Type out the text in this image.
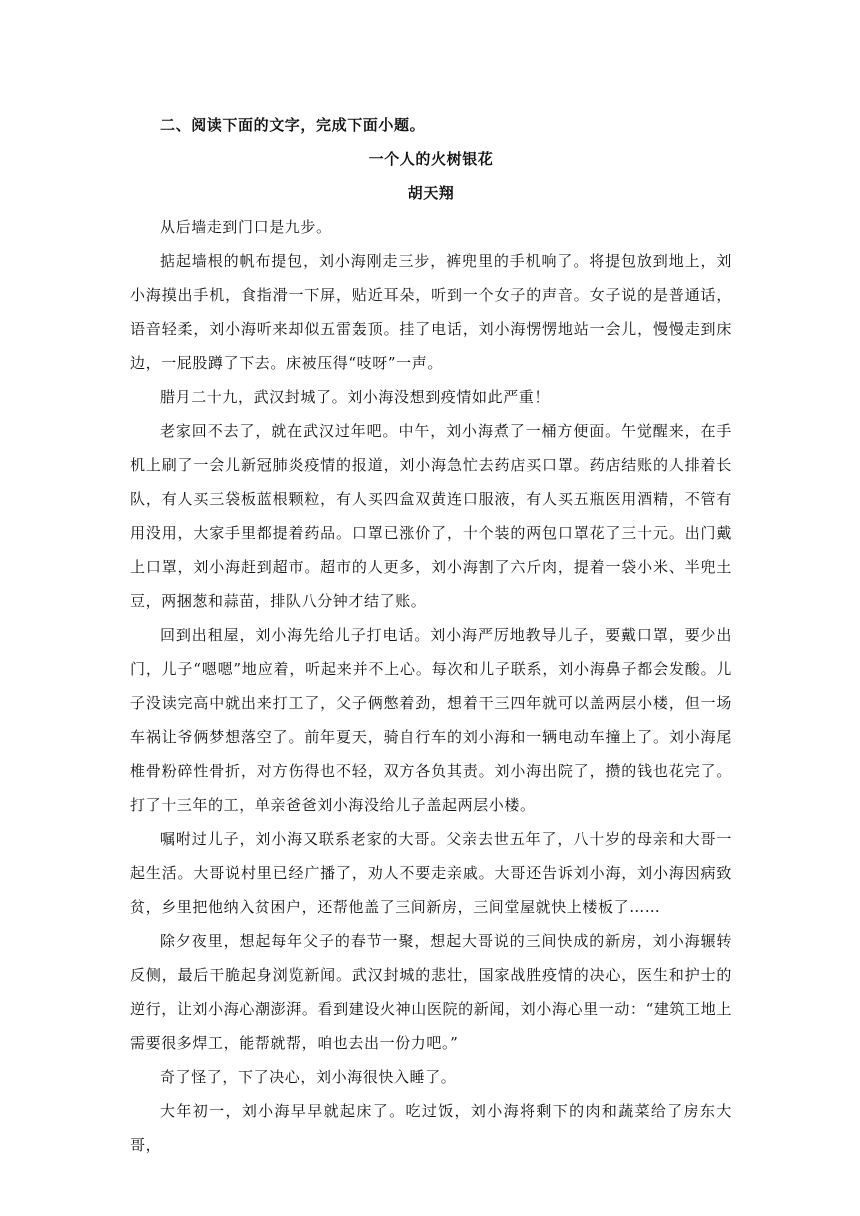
二、阅读下面的文字，完成下面小题。

一个人的火树银花

胡天翔

从后墙走到门口是九步。

掂起墙根的帆布提包，刘小海刚走三步，裤兜里的手机响了。将提包放到地上，刘小海摸出手机，食指滑一下屏，贴近耳朵，听到一个女子的声音。女子说的是普通话，语音轻柔，刘小海听来却似五雷轰顶。挂了电话，刘小海愣愣地站一会儿，慢慢走到床边，一屁股蹲了下去。床被压得“吱呀”一声。

腊月二十九，武汉封城了。刘小海没想到疫情如此严重！

老家回不去了，就在武汉过年吧。中午，刘小海煮了一桶方便面。午觉醒来，在手机上刷了一会儿新冠肺炎疫情的报道，刘小海急忙去药店买口罩。药店结账的人排着长队，有人买三袋板蓝根颗粒，有人买四盒双黄连口服液，有人买五瓶医用酒精，不管有用没用，大家手里都提着药品。口罩已涨价了，十个装的两包口罩花了三十元。出门戴上口罩，刘小海赶到超市。超市的人更多，刘小海割了六斤肉，提着一袋小米、半兜土豆，两捆葱和蒜苗，排队八分钟才结了账。

回到出租屋，刘小海先给儿子打电话。刘小海严厉地教导儿子，要戴口罩，要少出门，儿子“嗯嗯”地应着，听起来并不上心。每次和儿子联系，刘小海鼻子都会发酸。儿子没读完高中就出来打工了，父子俩憋着劲，想着干三四年就可以盖两层小楼，但一场车祸让爷俩梦想落空了。前年夏天，骑自行车的刘小海和一辆电动车撞上了。刘小海尾椎骨粉碎性骨折，对方伤得也不轻，双方各负其责。刘小海出院了，攒的钱也花完了。打了十三年的工，单亲爸爸刘小海没给儿子盖起两层小楼。

嘱咐过儿子，刘小海又联系老家的大哥。父亲去世五年了，八十岁的母亲和大哥一起生活。大哥说村里已经广播了，劝人不要走亲戚。大哥还告诉刘小海，刘小海因病致贫，乡里把他纳入贫困户，还帮他盖了三间新房，三间堂屋就快上楼板了……

除夕夜里，想起每年父子的春节一聚，想起大哥说的三间快成的新房，刘小海辗转反侧，最后干脆起身浏览新闻。武汉封城的悲壮，国家战胜疫情的决心，医生和护士的逆行，让刘小海心潮澎湃。看到建设火神山医院的新闻，刘小海心里一动：“建筑工地上需要很多焊工，能帮就帮，咱也去出一份力吧。”

奇了怪了，下了决心，刘小海很快入睡了。

大年初一，刘小海早早就起床了。吃过饭，刘小海将剩下的肉和蔬菜给了房东大哥，
